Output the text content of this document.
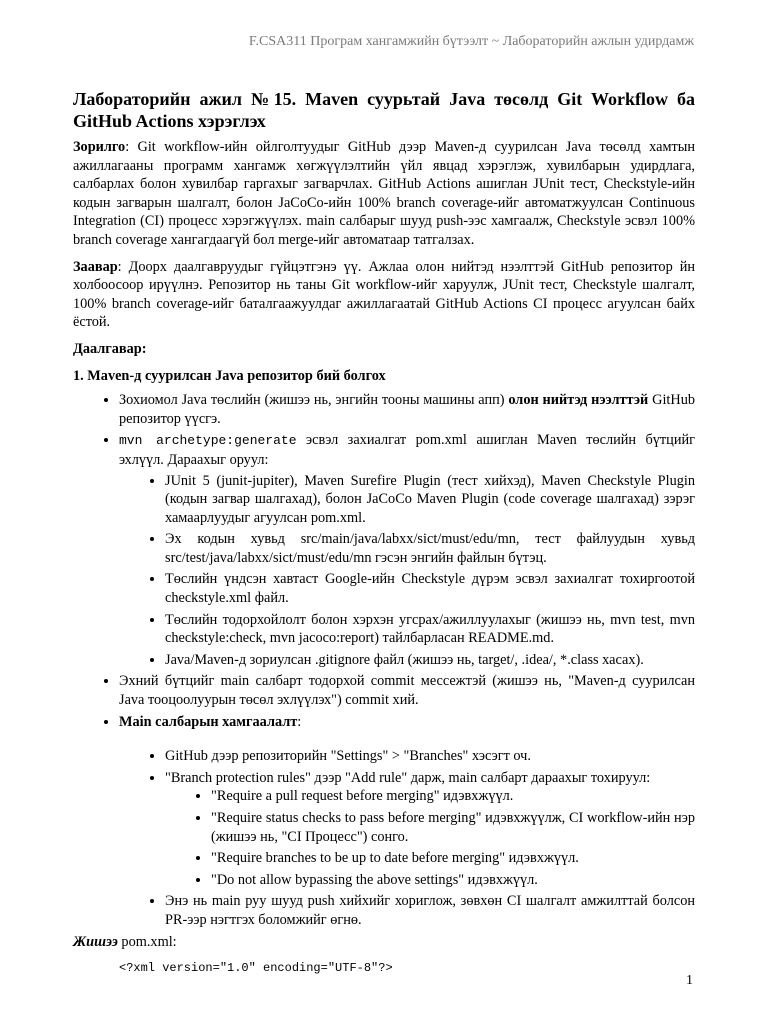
F.CSA311 Програм хангамжийн бүтээлт ~ Лабораторийн ажлын удирдамж
Лабораторийн ажил №15. Maven суурьтай Java төсөлд Git Workflow ба GitHub Actions хэрэглэх

Зорилго: Git workflow-ийн ойлголтуудыг GitHub дээр Maven-д суурилсан Java төсөлд хамтын ажиллагааны программ хангамж хөгжүүлэлтийн үйл явцад хэрэглэж, хувилбарын удирдлага, салбарлах болон хувилбар гаргахыг загварчлах. GitHub Actions ашиглан JUnit тест, Checkstyle-ийн кодын загварын шалгалт, болон JaCoCo-ийн 100% branch coverage-ийг автоматжуулсан Continuous Integration (CI) процесс хэрэгжүүлэх. main салбарыг шууд push-ээс хамгаалж, Checkstyle эсвэл 100% branch coverage хангагдаагүй бол merge-ийг автоматаар татгалзах.

Заавар: Доорх даалгавруудыг гүйцэтгэнэ үү. Ажлаа олон нийтэд нээлттэй GitHub репозитор йн холбоосоор ирүүлнэ. Репозитор нь таны Git workflow-ийг харуулж, JUnit тест, Checkstyle шалгалт, 100% branch coverage-ийг баталгаажуулдаг ажиллагаатай GitHub Actions CI процесс агуулсан байх ёстой.

Даалгавар:

1. Maven-д суурилсан Java репозитор бий болгох
• Зохиомол Java төслийн (жишээ нь, энгийн тооны машины апп) олон нийтэд нээлттэй GitHub репозитор үүсгэ.
• mvn archetype:generate эсвэл захиалгат pom.xml ашиглан Maven төслийн бүтцийг эхлүүл. Дараахыг оруул:
• JUnit 5 (junit-jupiter), Maven Surefire Plugin (тест хийхэд), Maven Checkstyle Plugin (кодын загвар шалгахад), болон JaCoCo Maven Plugin (code coverage шалгахад) зэрэг хамаарлуудыг агуулсан pom.xml.
• Эх кодын хувьд src/main/java/labxx/sict/must/edu/mn, тест файлуудын хувьд src/test/java/labxx/sict/must/edu/mn гэсэн энгийн файлын бүтэц.
• Төслийн үндсэн хавтаст Google-ийн Checkstyle дүрэм эсвэл захиалгат тохиргоотой checkstyle.xml файл.
• Төслийн тодорхойлолт болон хэрхэн угсрах/ажиллуулахыг (жишээ нь, mvn test, mvn checkstyle:check, mvn jacoco:report) тайлбарласан README.md.
• Java/Maven-д зориулсан .gitignore файл (жишээ нь, target/, .idea/, *.class хасах).
• Эхний бүтцийг main салбарт тодорхой commit мессежтэй (жишээ нь, "Maven-д суурилсан Java тооцоолуурын төсөл эхлүүлэх") commit хий.
• Main салбарын хамгаалалт:
• GitHub дээр репозиторийн "Settings" > "Branches" хэсэгт оч.
• "Branch protection rules" дээр "Add rule" дарж, main салбарт дараахыг тохируул:
• "Require a pull request before merging" идэвхжүүл.
• "Require status checks to pass before merging" идэвхжүүлж, CI workflow-ийн нэр (жишээ нь, "CI Процесс") сонго.
• "Require branches to be up to date before merging" идэвхжүүл.
• "Do not allow bypassing the above settings" идэвхжүүл.
• Энэ нь main руу шууд push хийхийг хориглож, зөвхөн CI шалгалт амжилттай болсон PR-ээр нэгтгэх боломжийг өгнө.

Жишээ pom.xml:

<?xml version="1.0" encoding="UTF-8"?>
1
